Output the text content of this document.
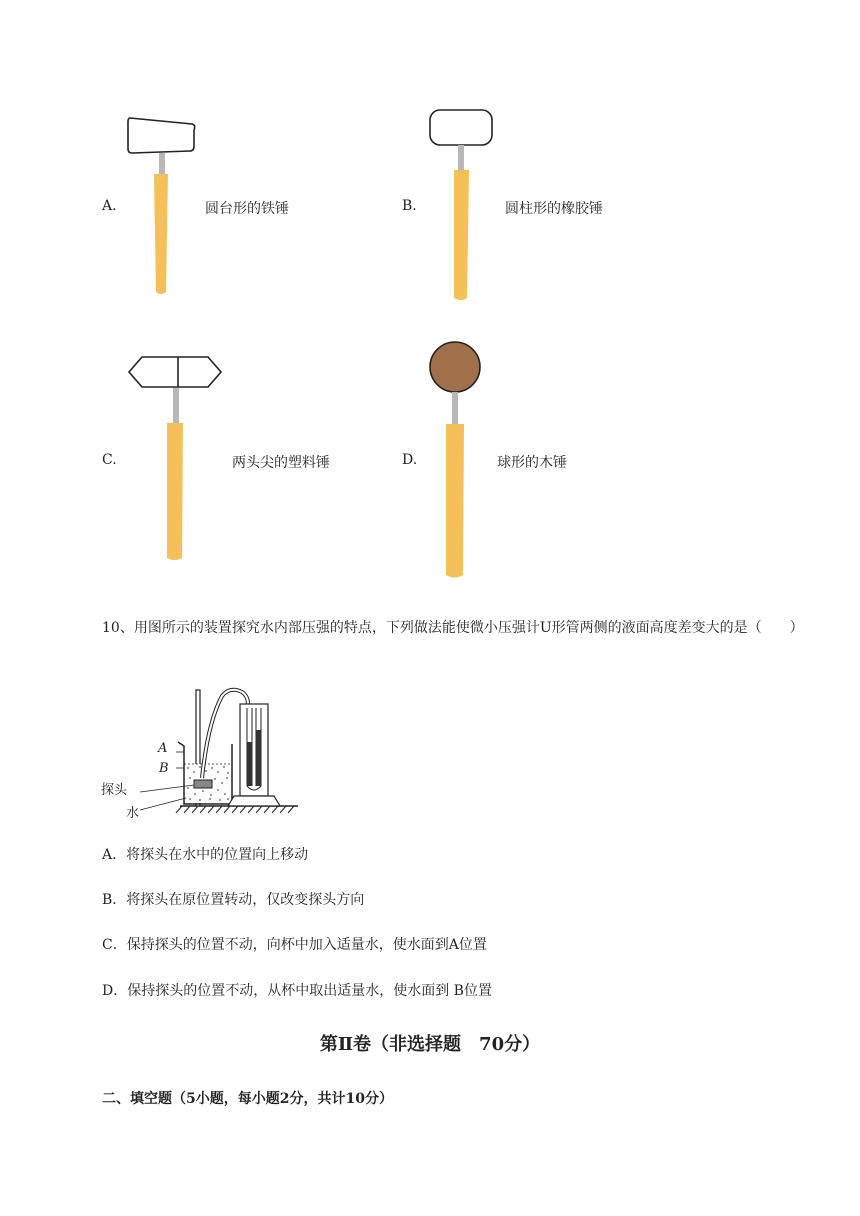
A.	圆台形的铁锤	B.	圆柱形的橡胶锤
C.	两头尖的塑料锤	D.	球形的木锤
10、用图所示的装置探究水内部压强的特点，下列做法能使微小压强计U形管两侧的液面高度差变大的是（　　）
A
B
探头
水
A．将探头在水中的位置向上移动
B．将探头在原位置转动，仅改变探头方向
C．保持探头的位置不动，向杯中加入适量水，使水面到A位置
D．保持探头的位置不动，从杯中取出适量水，使水面到 B位置
第Ⅱ卷（非选择题　70分）
二、填空题（5小题，每小题2分，共计10分）
